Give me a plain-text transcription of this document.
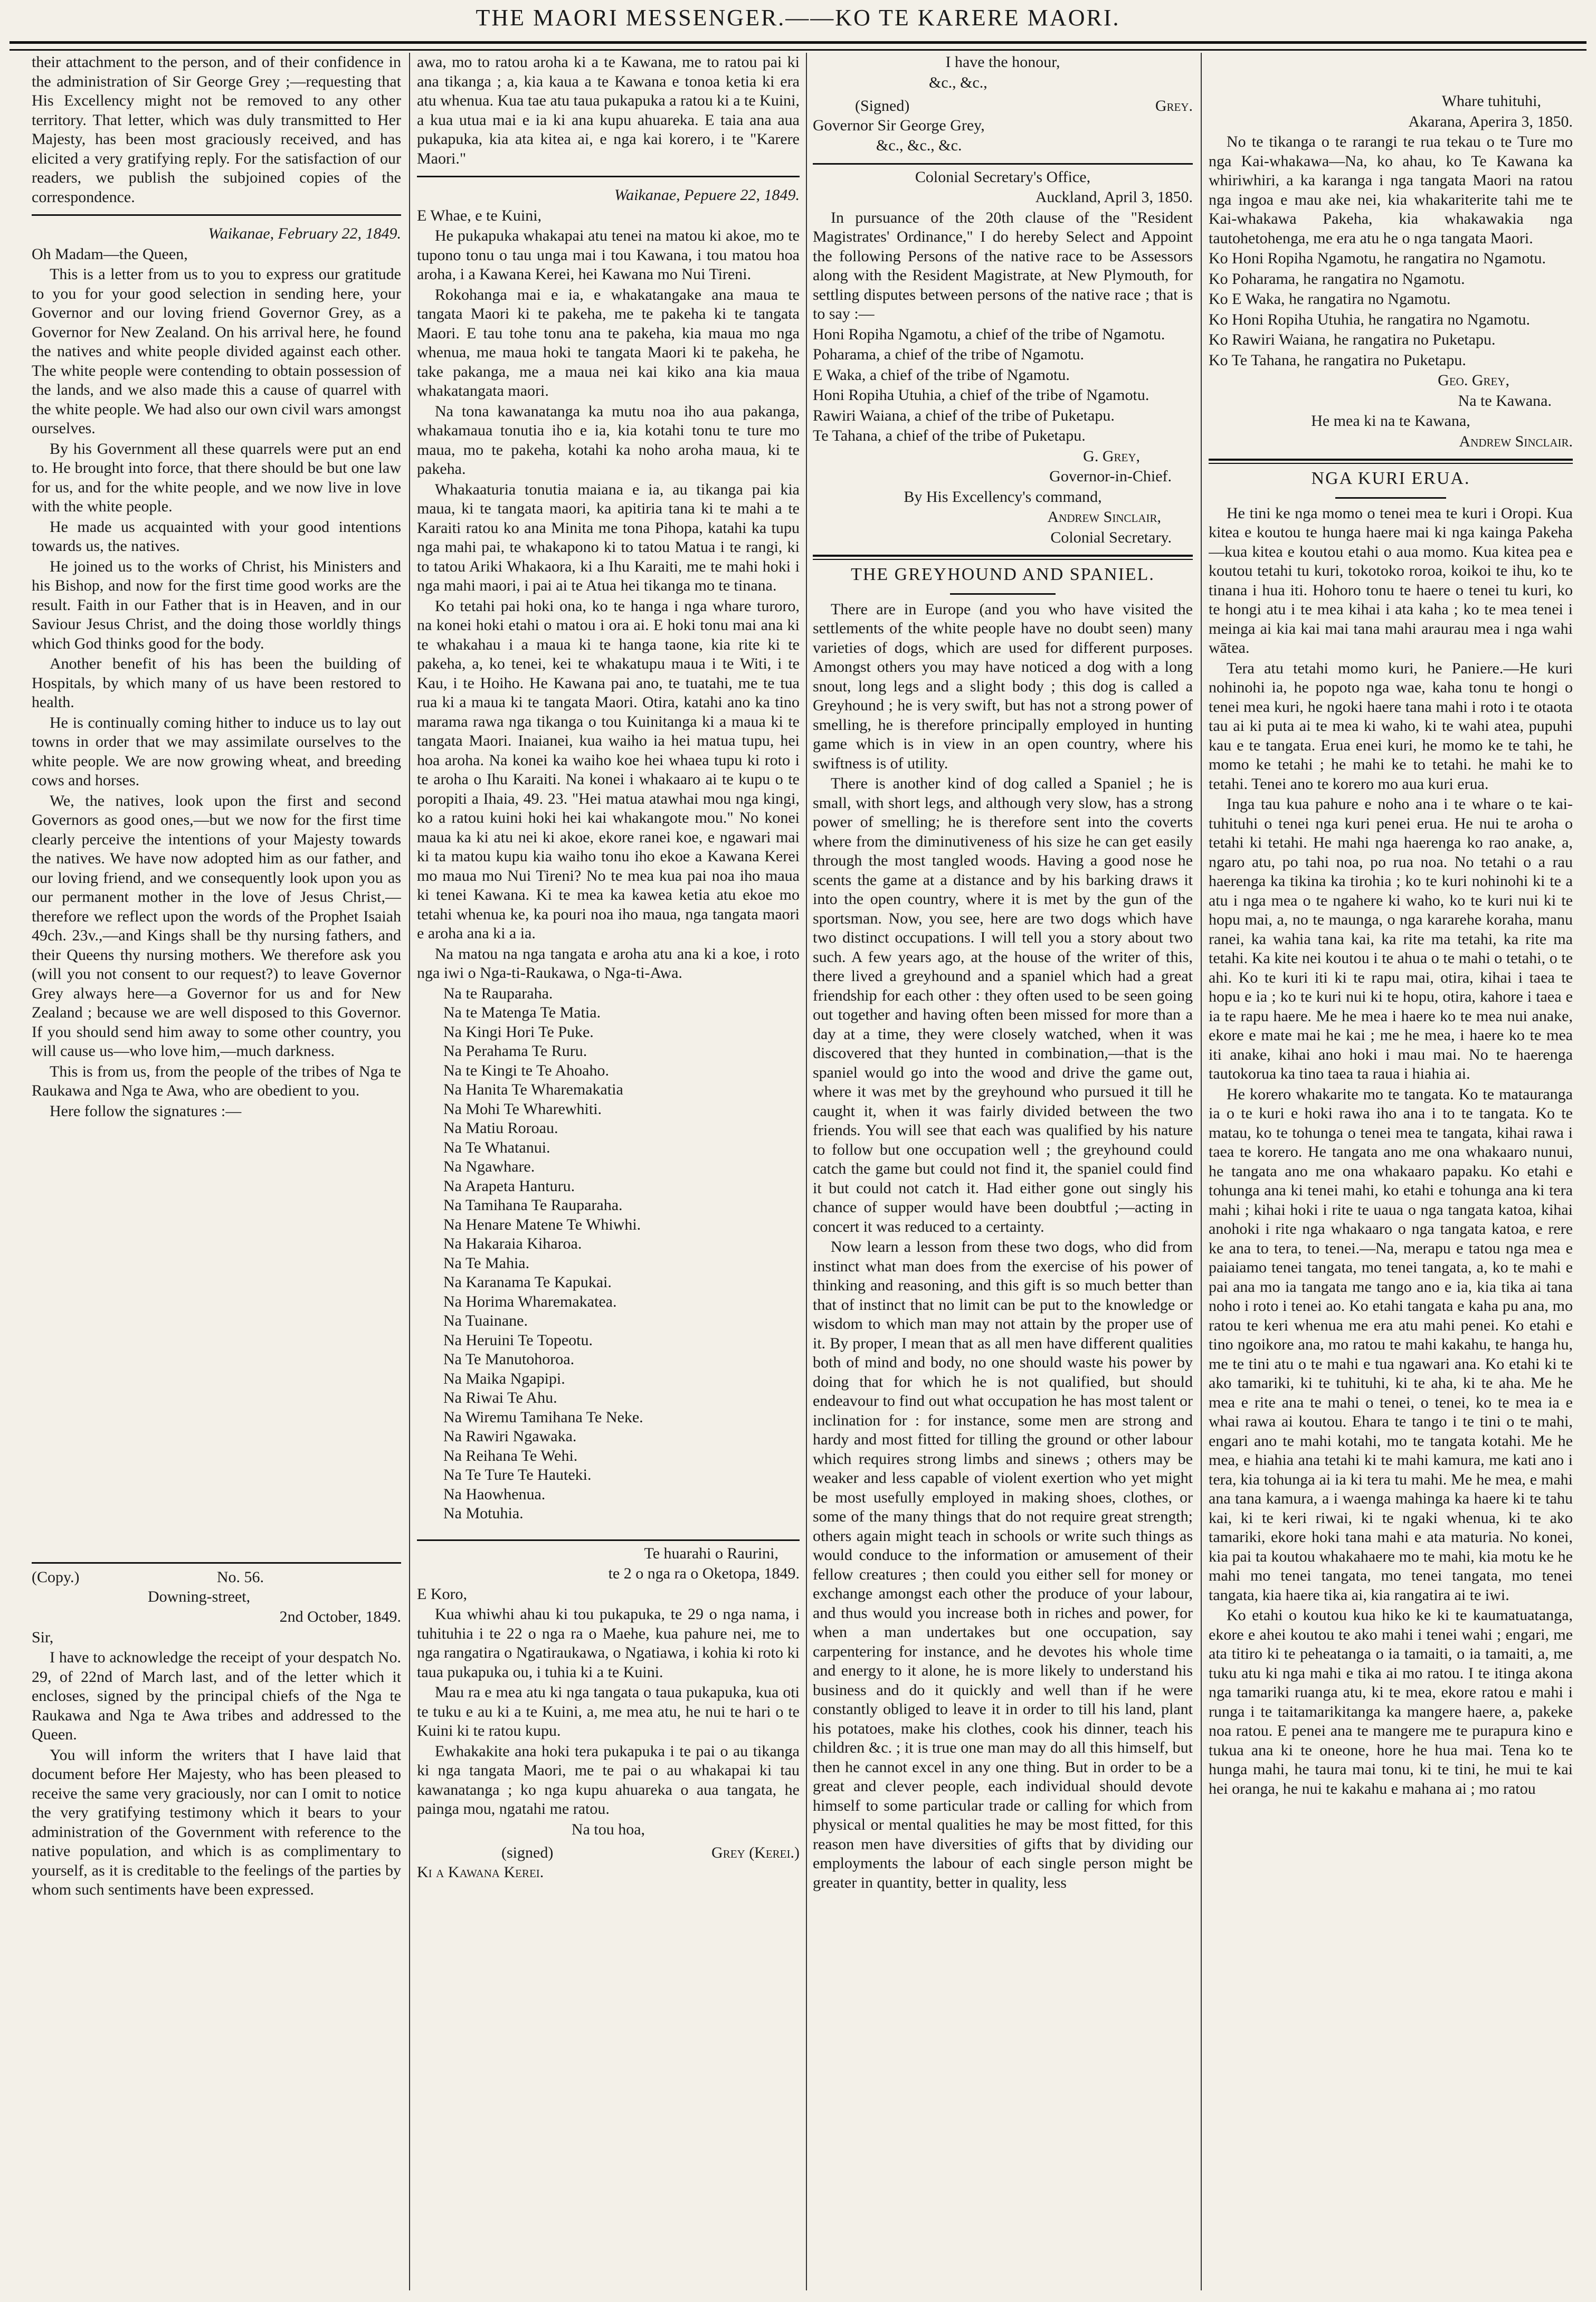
THE MAORI MESSENGER.——KO TE KARERE MAORI.

their attachment to the person, and of their confidence in the administration of Sir George Grey ;—requesting that His Excellency might not be removed to any other territory. That letter, which was duly transmitted to Her Majesty, has been most graciously received, and has elicited a very gratifying reply. For the satisfaction of our readers, we publish the subjoined copies of the correspondence.

Waikanae, February 22, 1849.

Oh Madam—the Queen,

This is a letter from us to you to express our gratitude to you for your good selection in sending here, your Governor and our loving friend Governor Grey, as a Governor for New Zealand. On his arrival here, he found the natives and white people divided against each other. The white people were contending to obtain possession of the lands, and we also made this a cause of quarrel with the white people. We had also our own civil wars amongst ourselves.

By his Government all these quarrels were put an end to. He brought into force, that there should be but one law for us, and for the white people, and we now live in love with the white people.

He made us acquainted with your good intentions towards us, the natives.

He joined us to the works of Christ, his Ministers and his Bishop, and now for the first time good works are the result. Faith in our Father that is in Heaven, and in our Saviour Jesus Christ, and the doing those worldly things which God thinks good for the body.

Another benefit of his has been the building of Hospitals, by which many of us have been restored to health.

He is continually coming hither to induce us to lay out towns in order that we may assimilate ourselves to the white people. We are now growing wheat, and breeding cows and horses.

We, the natives, look upon the first and second Governors as good ones,—but we now for the first time clearly perceive the intentions of your Majesty towards the natives. We have now adopted him as our father, and our loving friend, and we consequently look upon you as our permanent mother in the love of Jesus Christ,—therefore we reflect upon the words of the Prophet Isaiah 49ch. 23v.,—and Kings shall be thy nursing fathers, and their Queens thy nursing mothers. We therefore ask you (will you not consent to our request?) to leave Governor Grey always here—a Governor for us and for New Zealand ; because we are well disposed to this Governor. If you should send him away to some other country, you will cause us—who love him,—much darkness.

This is from us, from the people of the tribes of Nga te Raukawa and Nga te Awa, who are obedient to you.

Here follow the signatures :—

(Copy.)	No. 56.

Downing-street,

2nd October, 1849.

Sir,

I have to acknowledge the receipt of your despatch No. 29, of 22nd of March last, and of the letter which it encloses, signed by the principal chiefs of the Nga te Raukawa and Nga te Awa tribes and addressed to the Queen.

You will inform the writers that I have laid that document before Her Majesty, who has been pleased to receive the same very graciously, nor can I omit to notice the very gratifying testimony which it bears to your administration of the Government with reference to the native population, and which is as complimentary to yourself, as it is creditable to the feelings of the parties by whom such sentiments have been expressed.

awa, mo to ratou aroha ki a te Kawana, me to ratou pai ki ana tikanga ; a, kia kaua a te Kawana e tonoa ketia ki era atu whenua. Kua tae atu taua pukapuka a ratou ki a te Kuini, a kua utua mai e ia ki ana kupu ahuareka. E taia ana aua pukapuka, kia ata kitea ai, e nga kai korero, i te "Karere Maori."

Waikanae, Pepuere 22, 1849.

E Whae, e te Kuini,

He pukapuka whakapai atu tenei na matou ki akoe, mo te tupono tonu o tau unga mai i tou Kawana, i tou matou hoa aroha, i a Kawana Kerei, hei Kawana mo Nui Tireni.

Rokohanga mai e ia, e whakatangake ana maua te tangata Maori ki te pakeha, me te pakeha ki te tangata Maori. E tau tohe tonu ana te pakeha, kia maua mo nga whenua, me maua hoki te tangata Maori ki te pakeha, he take pakanga, me a maua nei kai kiko ana kia maua whakatangata maori.

Na tona kawanatanga ka mutu noa iho aua pakanga, whakamaua tonutia iho e ia, kia kotahi tonu te ture mo maua, mo te pakeha, kotahi ka noho aroha maua, ki te pakeha.

Whakaaturia tonutia maiana e ia, au tikanga pai kia maua, ki te tangata maori, ka apitiria tana ki te mahi a te Karaiti ratou ko ana Minita me tona Pihopa, katahi ka tupu nga mahi pai, te whakapono ki to tatou Matua i te rangi, ki to tatou Ariki Whakaora, ki a Ihu Karaiti, me te mahi hoki i nga mahi maori, i pai ai te Atua hei tikanga mo te tinana.

Ko tetahi pai hoki ona, ko te hanga i nga whare turoro, na konei hoki etahi o matou i ora ai. E hoki tonu mai ana ki te whakahau i a maua ki te hanga taone, kia rite ki te pakeha, a, ko tenei, kei te whakatupu maua i te Witi, i te Kau, i te Hoiho. He Kawana pai ano, te tuatahi, me te tua rua ki a maua ki te tangata Maori. Otira, katahi ano ka tino marama rawa nga tikanga o tou Kuinitanga ki a maua ki te tangata Maori. Inaianei, kua waiho ia hei matua tupu, hei hoa aroha. Na konei ka waiho koe hei whaea tupu ki roto i te aroha o Ihu Karaiti. Na konei i whakaaro ai te kupu o te poropiti a Ihaia, 49. 23. "Hei matua atawhai mou nga kingi, ko a ratou kuini hoki hei kai whakangote mou." No konei maua ka ki atu nei ki akoe, ekore ranei koe, e ngawari mai ki ta matou kupu kia waiho tonu iho ekoe a Kawana Kerei mo maua mo Nui Tireni? No te mea kua pai noa iho maua ki tenei Kawana. Ki te mea ka kawea ketia atu ekoe mo tetahi whenua ke, ka pouri noa iho maua, nga tangata maori e aroha ana ki a ia.

Na matou na nga tangata e aroha atu ana ki a koe, i roto nga iwi o Nga-ti-Raukawa, o Nga-ti-Awa.

Na te Rauparaha.

Na te Matenga Te Matia.

Na Kingi Hori Te Puke.

Na Perahama Te Ruru.

Na te Kingi te Te Ahoaho.

Na Hanita Te Wharemakatia

Na Mohi Te Wharewhiti.

Na Matiu Roroau.

Na Te Whatanui.

Na Ngawhare.

Na Arapeta Hanturu.

Na Tamihana Te Rauparaha.

Na Henare Matene Te Whiwhi.

Na Hakaraia Kiharoa.

Na Te Mahia.

Na Karanama Te Kapukai.

Na Horima Wharemakatea.

Na Tuainane.

Na Heruini Te Topeotu.

Na Te Manutohoroa.

Na Maika Ngapipi.

Na Riwai Te Ahu.

Na Wiremu Tamihana Te Neke.

Na Rawiri Ngawaka.

Na Reihana Te Wehi.

Na Te Ture Te Hauteki.

Na Haowhenua.

Na Motuhia.

Te huarahi o Raurini,

te 2 o nga ra o Oketopa, 1849.

E Koro,

Kua whiwhi ahau ki tou pukapuka, te 29 o nga nama, i tuhituhia i te 22 o nga ra o Maehe, kua pahure nei, me to nga rangatira o Ngatiraukawa, o Ngatiawa, i kohia ki roto ki taua pukapuka ou, i tuhia ki a te Kuini.

Mau ra e mea atu ki nga tangata o taua pukapuka, kua oti te tuku e au ki a te Kuini, a, me mea atu, he nui te hari o te Kuini ki te ratou kupu.

Ewhakakite ana hoki tera pukapuka i te pai o au tikanga ki nga tangata Maori, me te pai o au whakapai ki tau kawanatanga ; ko nga kupu ahuareka o aua tangata, he painga mou, ngatahi me ratou.

Na tou hoa,

(signed)	Grey (Kerei.)

Ki a Kawana Kerei.

I have the honour,

&c., &c.,

(Signed)	Grey.

Governor Sir George Grey,

&c., &c., &c.

Colonial Secretary's Office,

Auckland, April 3, 1850.

In pursuance of the 20th clause of the "Resident Magistrates' Ordinance," I do hereby Select and Appoint the following Persons of the native race to be Assessors along with the Resident Magistrate, at New Plymouth, for settling disputes between persons of the native race ; that is to say :—

Honi Ropiha Ngamotu, a chief of the tribe of Ngamotu.

Poharama, a chief of the tribe of Ngamotu.

E Waka, a chief of the tribe of Ngamotu.

Honi Ropiha Utuhia, a chief of the tribe of Ngamotu.

Rawiri Waiana, a chief of the tribe of Puketapu.

Te Tahana, a chief of the tribe of Puketapu.

G. Grey,

Governor-in-Chief.

By His Excellency's command,

Andrew Sinclair,

Colonial Secretary.

THE GREYHOUND AND SPANIEL.

There are in Europe (and you who have visited the settlements of the white people have no doubt seen) many varieties of dogs, which are used for different purposes. Amongst others you may have noticed a dog with a long snout, long legs and a slight body ; this dog is called a Greyhound ; he is very swift, but has not a strong power of smelling, he is therefore principally employed in hunting game which is in view in an open country, where his swiftness is of utility.

There is another kind of dog called a Spaniel ; he is small, with short legs, and although very slow, has a strong power of smelling; he is therefore sent into the coverts where from the diminutiveness of his size he can get easily through the most tangled woods. Having a good nose he scents the game at a distance and by his barking draws it into the open country, where it is met by the gun of the sportsman. Now, you see, here are two dogs which have two distinct occupations. I will tell you a story about two such. A few years ago, at the house of the writer of this, there lived a greyhound and a spaniel which had a great friendship for each other : they often used to be seen going out together and having often been missed for more than a day at a time, they were closely watched, when it was discovered that they hunted in combination,—that is the spaniel would go into the wood and drive the game out, where it was met by the greyhound who pursued it till he caught it, when it was fairly divided between the two friends. You will see that each was qualified by his nature to follow but one occupation well ; the greyhound could catch the game but could not find it, the spaniel could find it but could not catch it. Had either gone out singly his chance of supper would have been doubtful ;—acting in concert it was reduced to a certainty.

Now learn a lesson from these two dogs, who did from instinct what man does from the exercise of his power of thinking and reasoning, and this gift is so much better than that of instinct that no limit can be put to the knowledge or wisdom to which man may not attain by the proper use of it. By proper, I mean that as all men have different qualities both of mind and body, no one should waste his power by doing that for which he is not qualified, but should endeavour to find out what occupation he has most talent or inclination for : for instance, some men are strong and hardy and most fitted for tilling the ground or other labour which requires strong limbs and sinews ; others may be weaker and less capable of violent exertion who yet might be most usefully employed in making shoes, clothes, or some of the many things that do not require great strength; others again might teach in schools or write such things as would conduce to the information or amusement of their fellow creatures ; then could you either sell for money or exchange amongst each other the produce of your labour, and thus would you increase both in riches and power, for when a man undertakes but one occupation, say carpentering for instance, and he devotes his whole time and energy to it alone, he is more likely to understand his business and do it quickly and well than if he were constantly obliged to leave it in order to till his land, plant his potatoes, make his clothes, cook his dinner, teach his children &c. ; it is true one man may do all this himself, but then he cannot excel in any one thing. But in order to be a great and clever people, each individual should devote himself to some particular trade or calling for which from physical or mental qualities he may be most fitted, for this reason men have diversities of gifts that by dividing our employments the labour of each single person might be greater in quantity, better in quality, less

Whare tuhituhi,

Akarana, Aperira 3, 1850.

No te tikanga o te rarangi te rua tekau o te Ture mo nga Kai-whakawa—Na, ko ahau, ko Te Kawana ka whiriwhiri, a ka karanga i nga tangata Maori na ratou nga ingoa e mau ake nei, kia whakariterite tahi me te Kai-whakawa Pakeha, kia whakawakia nga tautohetohenga, me era atu he o nga tangata Maori.

Ko Honi Ropiha Ngamotu, he rangatira no Ngamotu.

Ko Poharama, he rangatira no Ngamotu.

Ko E Waka, he rangatira no Ngamotu.

Ko Honi Ropiha Utuhia, he rangatira no Ngamotu.

Ko Rawiri Waiana, he rangatira no Puketapu.

Ko Te Tahana, he rangatira no Puketapu.

Geo. Grey,

Na te Kawana.

He mea ki na te Kawana,

Andrew Sinclair.

NGA KURI ERUA.

He tini ke nga momo o tenei mea te kuri i Oropi. Kua kitea e koutou te hunga haere mai ki nga kainga Pakeha—kua kitea e koutou etahi o aua momo. Kua kitea pea e koutou tetahi tu kuri, tokotoko roroa, koikoi te ihu, ko te tinana i hua iti. Hohoro tonu te haere o tenei tu kuri, ko te hongi atu i te mea kihai i ata kaha ; ko te mea tenei i meinga ai kia kai mai tana mahi araurau mea i nga wahi wātea.

Tera atu tetahi momo kuri, he Paniere.—He kuri nohinohi ia, he popoto nga wae, kaha tonu te hongi o tenei mea kuri, he ngoki haere tana mahi i roto i te otaota tau ai ki puta ai te mea ki waho, ki te wahi atea, pupuhi kau e te tangata. Erua enei kuri, he momo ke te tahi, he momo ke tetahi ; he mahi ke to tetahi. he mahi ke to tetahi. Tenei ano te korero mo aua kuri erua.

Inga tau kua pahure e noho ana i te whare o te kai-tuhituhi o tenei nga kuri penei erua. He nui te aroha o tetahi ki tetahi. He mahi nga haerenga ko rao anake, a, ngaro atu, po tahi noa, po rua noa. No tetahi o a rau haerenga ka tikina ka tirohia ; ko te kuri nohinohi ki te a atu i nga mea o te ngahere ki waho, ko te kuri nui ki te hopu mai, a, no te maunga, o nga kararehe koraha, manu ranei, ka wahia tana kai, ka rite ma tetahi, ka rite ma tetahi. Ka kite nei koutou i te ahua o te mahi o tetahi, o te ahi. Ko te kuri iti ki te rapu mai, otira, kihai i taea te hopu e ia ; ko te kuri nui ki te hopu, otira, kahore i taea e ia te rapu haere. Me he mea i haere ko te mea nui anake, ekore e mate mai he kai ; me he mea, i haere ko te mea iti anake, kihai ano hoki i mau mai. No te haerenga tautokorua ka tino taea ta raua i hiahia ai.

He korero whakarite mo te tangata. Ko te matauranga ia o te kuri e hoki rawa iho ana i to te tangata. Ko te matau, ko te tohunga o tenei mea te tangata, kihai rawa i taea te korero. He tangata ano me ona whakaaro nunui, he tangata ano me ona whakaaro papaku. Ko etahi e tohunga ana ki tenei mahi, ko etahi e tohunga ana ki tera mahi ; kihai hoki i rite te uaua o nga tangata katoa, kihai anohoki i rite nga whakaaro o nga tangata katoa, e rere ke ana to tera, to tenei.—Na, merapu e tatou nga mea e paiaiamo tenei tangata, mo tenei tangata, a, ko te mahi e pai ana mo ia tangata me tango ano e ia, kia tika ai tana noho i roto i tenei ao. Ko etahi tangata e kaha pu ana, mo ratou te keri whenua me era atu mahi penei. Ko etahi e tino ngoikore ana, mo ratou te mahi kakahu, te hanga hu, me te tini atu o te mahi e tua ngawari ana. Ko etahi ki te ako tamariki, ki te tuhituhi, ki te aha, ki te aha. Me he mea e rite ana te mahi o tenei, o tenei, ko te mea ia e whai rawa ai koutou. Ehara te tango i te tini o te mahi, engari ano te mahi kotahi, mo te tangata kotahi. Me he mea, e hiahia ana tetahi ki te mahi kamura, me kati ano i tera, kia tohunga ai ia ki tera tu mahi. Me he mea, e mahi ana tana kamura, a i waenga mahinga ka haere ki te tahu kai, ki te keri riwai, ki te ngaki whenua, ki te ako tamariki, ekore hoki tana mahi e ata maturia. No konei, kia pai ta koutou whakahaere mo te mahi, kia motu ke he mahi mo tenei tangata, mo tenei tangata, mo tenei tangata, kia haere tika ai, kia rangatira ai te iwi.

Ko etahi o koutou kua hiko ke ki te kaumatuatanga, ekore e ahei koutou te ako mahi i tenei wahi ; engari, me ata titiro ki te peheatanga o ia tamaiti, o ia tamaiti, a, me tuku atu ki nga mahi e tika ai mo ratou. I te itinga akona nga tamariki ruanga atu, ki te mea, ekore ratou e mahi i runga i te taitamarikitanga ka mangere haere, a, pakeke noa ratou. E penei ana te mangere me te purapura kino e tukua ana ki te oneone, hore he hua mai. Tena ko te hunga mahi, he taura mai tonu, ki te tini, he mui te kai hei oranga, he nui te kakahu e mahana ai ; mo ratou
